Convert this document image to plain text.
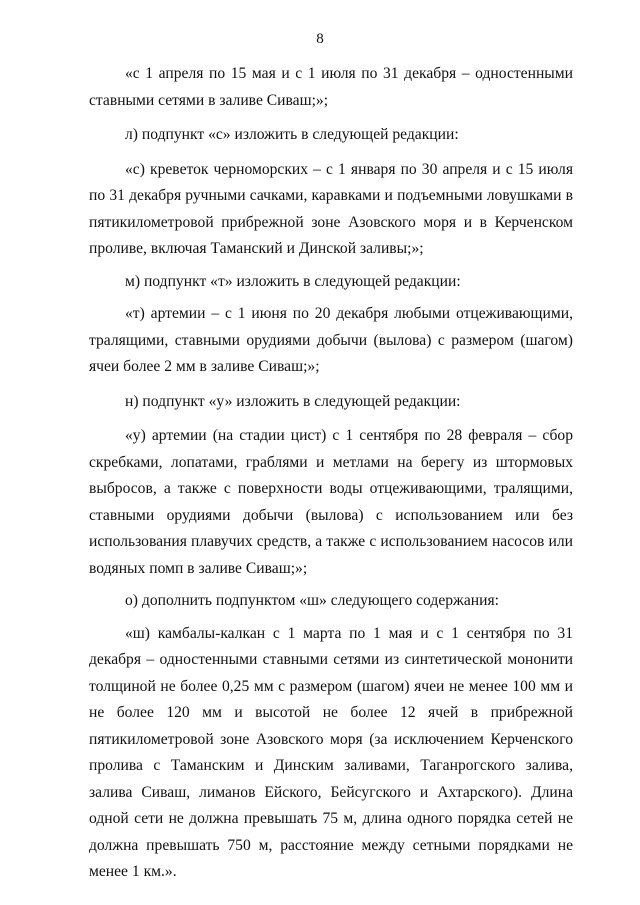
8

«с 1 апреля по 15 мая и с 1 июля по 31 декабря – одностенными ставными сетями в заливе Сиваш;»;

л) подпункт «с» изложить в следующей редакции:

«с) креветок черноморских – с 1 января по 30 апреля и с 15 июля по 31 декабря ручными сачками, каравками и подъемными ловушками в пятикилометровой прибрежной зоне Азовского моря и в Керченском проливе, включая Таманский и Динской заливы;»;

м) подпункт «т» изложить в следующей редакции:

«т) артемии – с 1 июня по 20 декабря любыми отцеживающими, тралящими, ставными орудиями добычи (вылова) с размером (шагом) ячеи более 2 мм в заливе Сиваш;»;

н) подпункт «у» изложить в следующей редакции:

«у) артемии (на стадии цист) с 1 сентября по 28 февраля – сбор скребками, лопатами, граблями и метлами на берегу из штормовых выбросов, а также с поверхности воды отцеживающими, тралящими, ставными орудиями добычи (вылова) с использованием или без использования плавучих средств, а также с использованием насосов или водяных помп в заливе Сиваш;»;

о) дополнить подпунктом «ш» следующего содержания:

«ш) камбалы-калкан с 1 марта по 1 мая и с 1 сентября по 31 декабря – одностенными ставными сетями из синтетической мононити толщиной не более 0,25 мм с размером (шагом) ячеи не менее 100 мм и не более 120 мм и высотой не более 12 ячей в прибрежной пятикилометровой зоне Азовского моря (за исключением Керченского пролива с Таманским и Динским заливами, Таганрогского залива, залива Сиваш, лиманов Ейского, Бейсугского и Ахтарского). Длина одной сети не должна превышать 75 м, длина одного порядка сетей не должна превышать 750 м, расстояние между сетными порядками не менее 1 км.».
